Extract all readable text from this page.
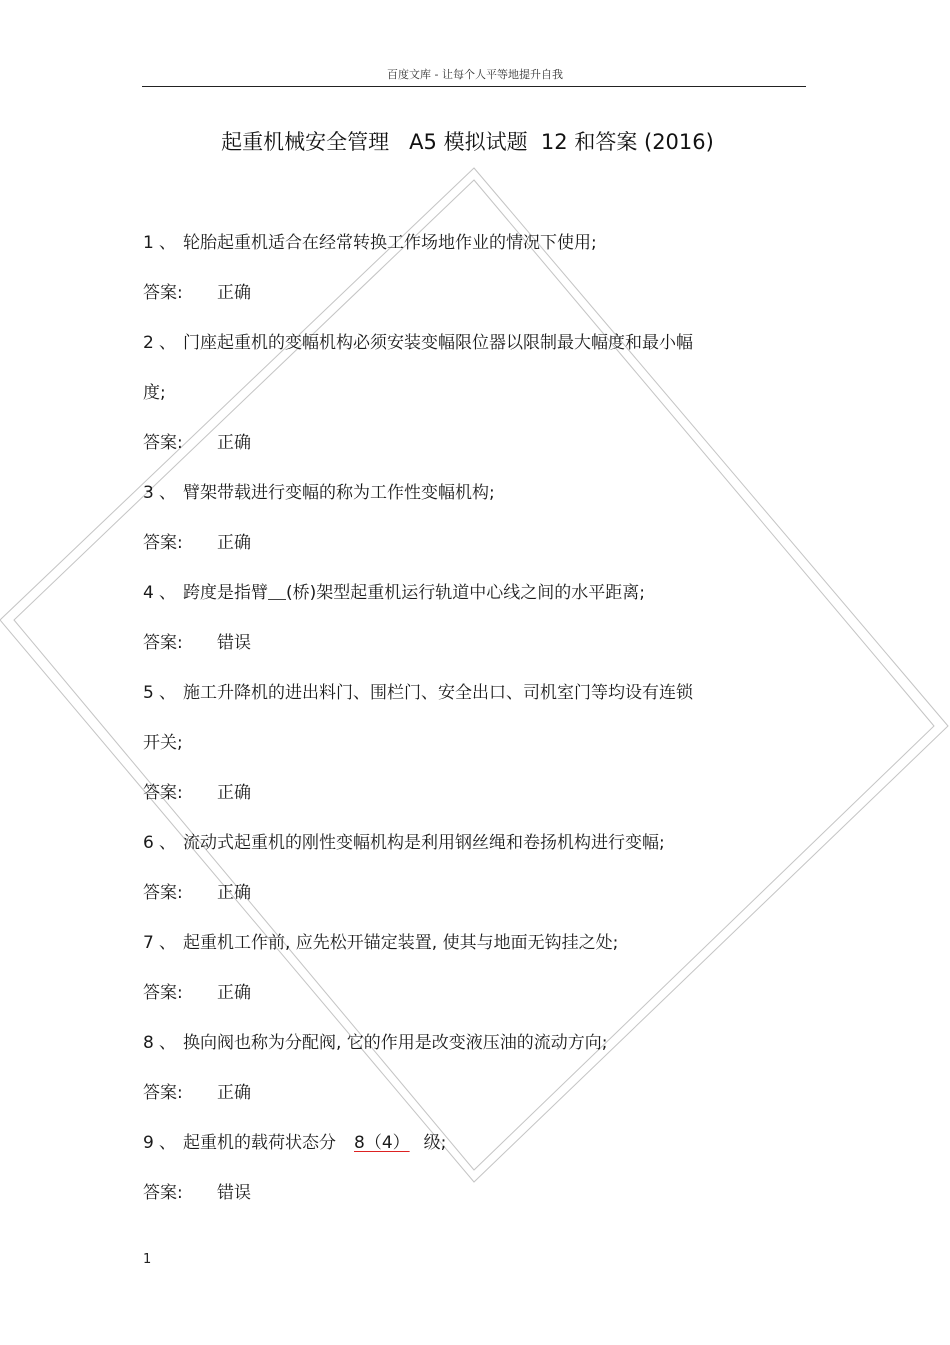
百度文库 - 让每个人平等地提升自我
起重机械安全管理   A5 模拟试题  12 和答案 (2016)
1 、 轮胎起重机适合在经常转换工作场地作业的情况下使用;
答案: 正确
2 、 门座起重机的变幅机构必须安装变幅限位器以限制最大幅度和最小幅
度;
答案: 正确
3 、 臂架带载进行变幅的称为工作性变幅机构;
答案: 正确
4 、 跨度是指臂 (桥)架型起重机运行轨道中心线之间的水平距离;
答案: 错误
5 、 施工升降机的进出料门、围栏门、安全出口、司机室门等均设有连锁
开关;
答案: 正确
6 、 流动式起重机的刚性变幅机构是利用钢丝绳和卷扬机构进行变幅;
答案: 正确
7 、 起重机工作前, 应先松开锚定装置, 使其与地面无钩挂之处;
答案: 正确
8 、 换向阀也称为分配阀, 它的作用是改变液压油的流动方向;
答案: 正确
9 、 起重机的载荷状态分 8（4） 级;
答案: 错误
1
